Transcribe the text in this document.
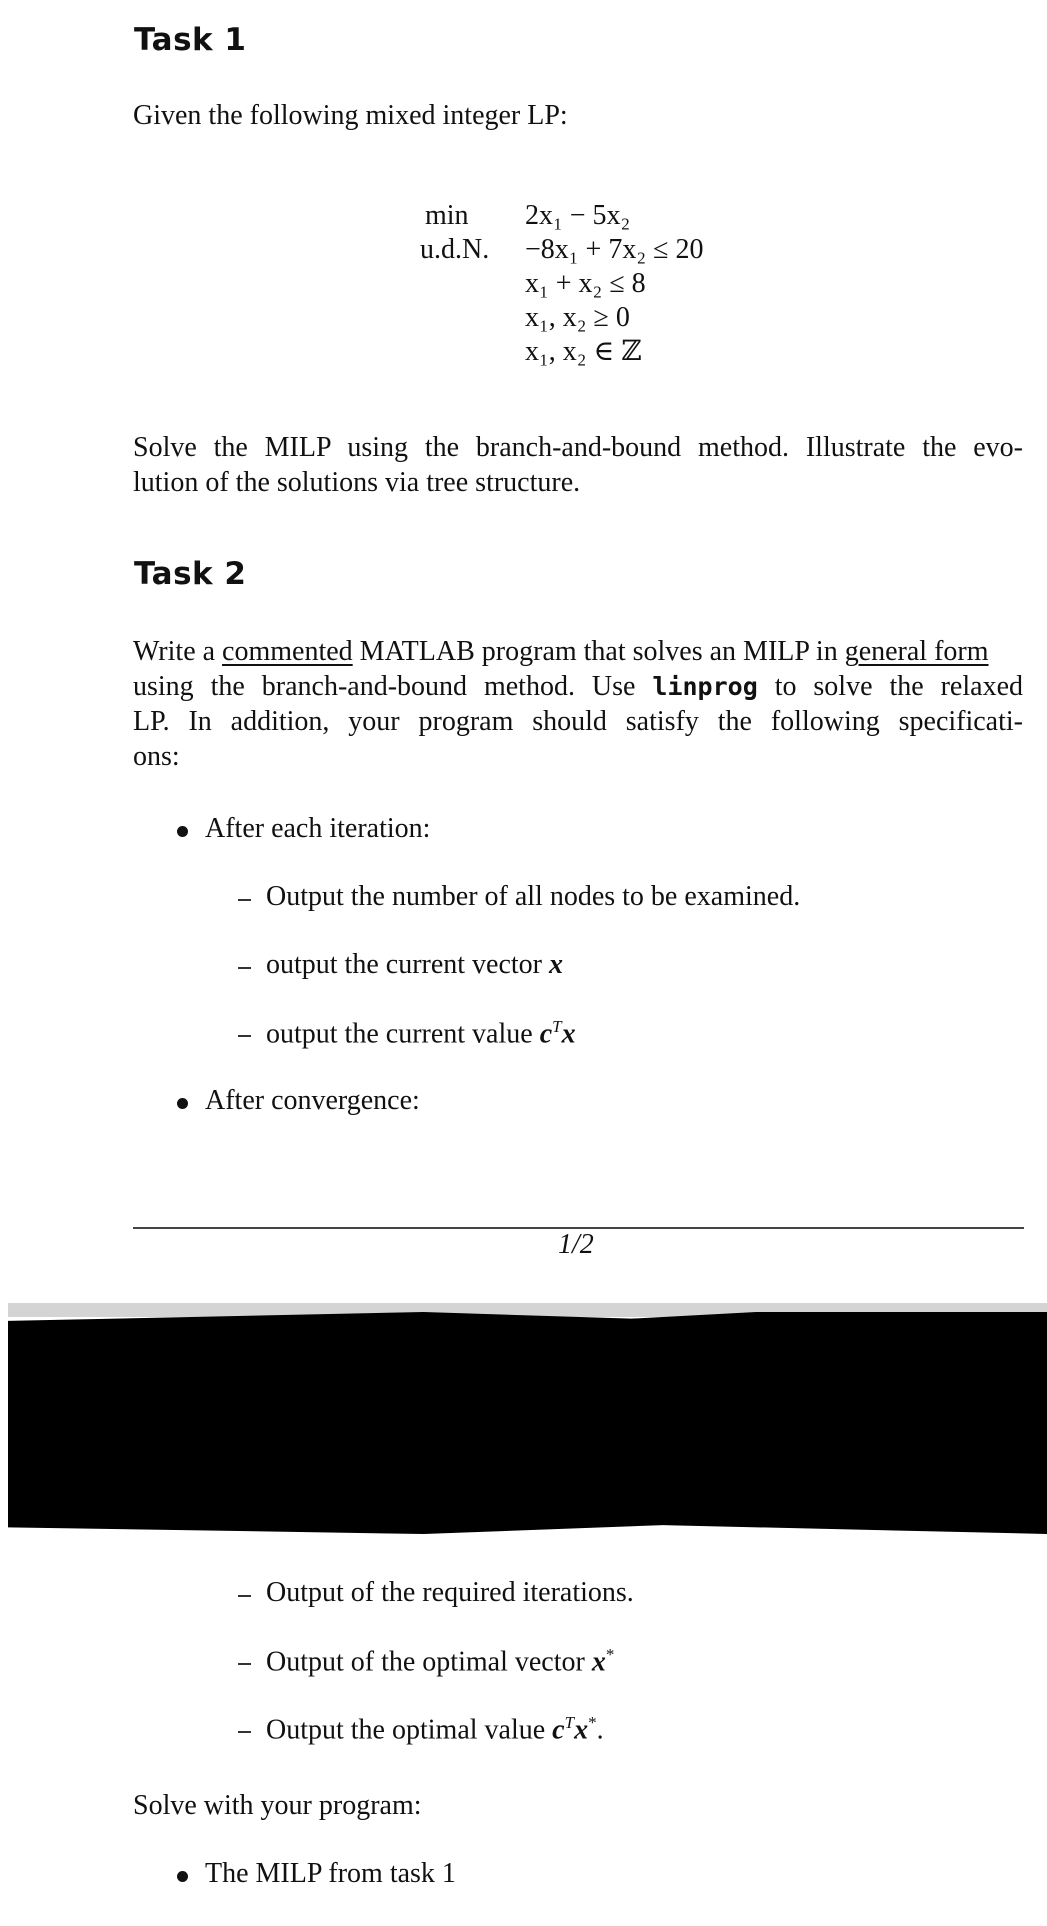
Task 1
Given the following mixed integer LP:
min
u.d.N.
2x₁ − 5x₂
−8x₁ + 7x₂ ≤ 20
x₁ + x₂ ≤ 8
x₁, x₂ ≥ 0
x₁, x₂ ∈ ℤ
Solve the MILP using the branch-and-bound method. Illustrate the evo-
lution of the solutions via tree structure.
Task 2
Write a commented MATLAB program that solves an MILP in general form
using the branch-and-bound method. Use linprog to solve the relaxed
LP. In addition, your program should satisfy the following specificati-
ons:
After each iteration:
Output the number of all nodes to be examined.
output the current vector x
output the current value $c^Tx$
After convergence:
1/2
Output of the required iterations.
Output of the optimal vector x*
Output the optimal value $c^Tx^*$.
Solve with your program:
The MILP from task 1
